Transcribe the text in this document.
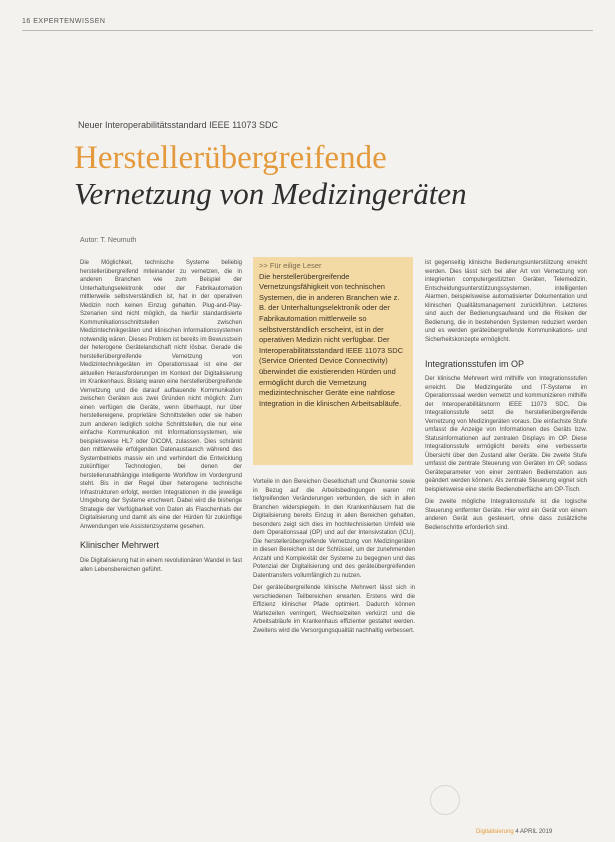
16 EXPERTENWISSEN
Neuer Interoperabilitätsstandard IEEE 11073 SDC
Herstellerübergreifende
Vernetzung von Medizingeräten
Autor: T. Neumuth

Die Möglichkeit, technische Systeme beliebig herstellerübergreifend miteinander zu vernetzen, die in anderen Branchen wie zum Beispiel der Unterhaltungselektronik oder der Fabrikautomation mittlerweile selbstverständlich ist, hat in der operativen Medizin noch keinen Einzug gehalten. Plug-and-Play-Szenarien sind nicht möglich, da hierfür standardisierte Kommunikationsschnittstellen zwischen Medizintechnikgeräten und klinischen Informationssystemen notwendig wären. Dieses Problem ist bereits im Bewusstsein der heterogene Gerätelandschaft nicht lösbar. Gerade die herstellerübergreifende Vernetzung von Medizintechnikgeräten im Operationssaal ist eine der aktuellen Herausforderungen im Kontext der Digitalisierung im Krankenhaus. Bislang waren eine herstellerübergreifende Vernetzung und die darauf aufbauende Kommunikation zwischen Geräten aus zwei Gründen nicht möglich: Zum einen verfügen die Geräte, wenn überhaupt, nur über herstellereigene, proprietäre Schnittstellen oder sie haben zum anderen lediglich solche Schnittstellen, die nur eine einfache Kommunikation mit Informationssystemen, wie beispielsweise HL7 oder DICOM, zulassen. Dies schränkt den mittlerweile erfolgenden Datenaustausch während des Systembetriebs massiv ein und verhindert die Entwicklung zukünftiger Technologien, bei denen der herstellerunabhängige intelligente Workflow im Vordergrund steht. Bis in der Regel über heterogene technische Infrastrukturen erfolgt, werden Integrationen in die jeweilige Umgebung der Systeme erschwert. Dabei wird die bisherige Strategie der Verfügbarkeit von Daten als Flaschenhals der Digitalisierung und damit als eine der Hürden für zukünftige Anwendungen wie Assistenzsysteme gesehen.

Klinischer Mehrwert

Die Digitalisierung hat in einem revolutionären Wandel in fast allen Lebensbereichen geführt.

>> Für eilige Leser
Die herstellerübergreifende Vernetzungsfähigkeit von technischen Systemen, die in anderen Branchen wie z. B. der Unterhaltungselektronik oder der Fabrikautomation mittlerweile so selbstverständlich erscheint, ist in der operativen Medizin nicht verfügbar. Der Interoperabilitätsstandard IEEE 11073 SDC (Service Oriented Device Connectivity) überwindet die existierenden Hürden und ermöglicht durch die Vernetzung medizintechnischer Geräte eine nahtlose Integration in die klinischen Arbeitsabläufe.

Vorteile in den Bereichen Gesellschaft und Ökonomie sowie in Bezug auf die Arbeitsbedingungen waren mit tiefgreifenden Veränderungen verbunden, die sich in allen Branchen widerspiegeln. In den Krankenhäusern hat die Digitalisierung bereits Einzug in allen Bereichen gehalten, besonders zeigt sich dies im hochtechnisierten Umfeld wie dem Operationssaal (OP) und auf der Intensivstation (ICU). Die herstellerübergreifende Vernetzung von Medizingeräten in diesen Bereichen ist der Schlüssel, um der zunehmenden Anzahl und Komplexität der Systeme zu begegnen und das Potenzial der Digitalisierung und des geräteübergreifenden Datentransfers vollumfänglich zu nutzen.

Der geräteübergreifende klinische Mehrwert lässt sich in verschiedenen Teilbereichen erwarten. Erstens wird die Effizienz klinischer Pfade optimiert. Dadurch können Wartezeiten verringert, Wechselzeiten verkürzt und die Arbeitsabläufe im Krankenhaus effizienter gestaltet werden. Zweitens wird die Versorgungsqualität nachhaltig verbessert.

ist gegenseitig klinische Bedienungsunterstützung erreicht werden. Dies lässt sich bei aller Art von Vernetzung von integrierten computergestützten Geräten, Telemedizin, Entscheidungsunterstützungssystemen, intelligenten Alarmen, beispielsweise automatisierter Dokumentation und klinischen Qualitätsmanagement zurückführen. Letzteres sind auch der Bedienungsaufwand und die Risiken der Bedienung, die in bestehenden Systemen reduziert werden und es werden geräteübergreifende Kommunikations- und Sicherheitskonzepte ermöglicht.

Integrationsstufen im OP

Der klinische Mehrwert wird mithilfe von Integrationsstufen erreicht. Die Medizingeräte und IT-Systeme im Operationssaal werden vernetzt und kommunizieren mithilfe der Interoperabilitätsnorm IEEE 11073 SDC. Die Integrationsstufe setzt die herstellerübergreifende Vernetzung von Medizingeräten voraus. Die einfachste Stufe umfasst die Anzeige von Informationen des Geräts bzw. Statusinformationen auf zentralen Displays im OP. Diese Integrationsstufe ermöglicht bereits eine verbesserte Übersicht über den Zustand aller Geräte. Die zweite Stufe umfasst die zentrale Steuerung von Geräten im OP, sodass Geräteparameter von einer zentralen Bedienstation aus geändert werden können. Als zentrale Steuerung eignet sich beispielsweise eine sterile Bedienoberfläche am OP-Tisch.

Die zweite mögliche Integrationsstufe ist die logische Steuerung entfernter Geräte. Hier wird ein Gerät von einem anderen Gerät aus gesteuert, ohne dass zusätzliche Bedienschritte erforderlich sind.

Digitalisierung 4 APRIL 2019
